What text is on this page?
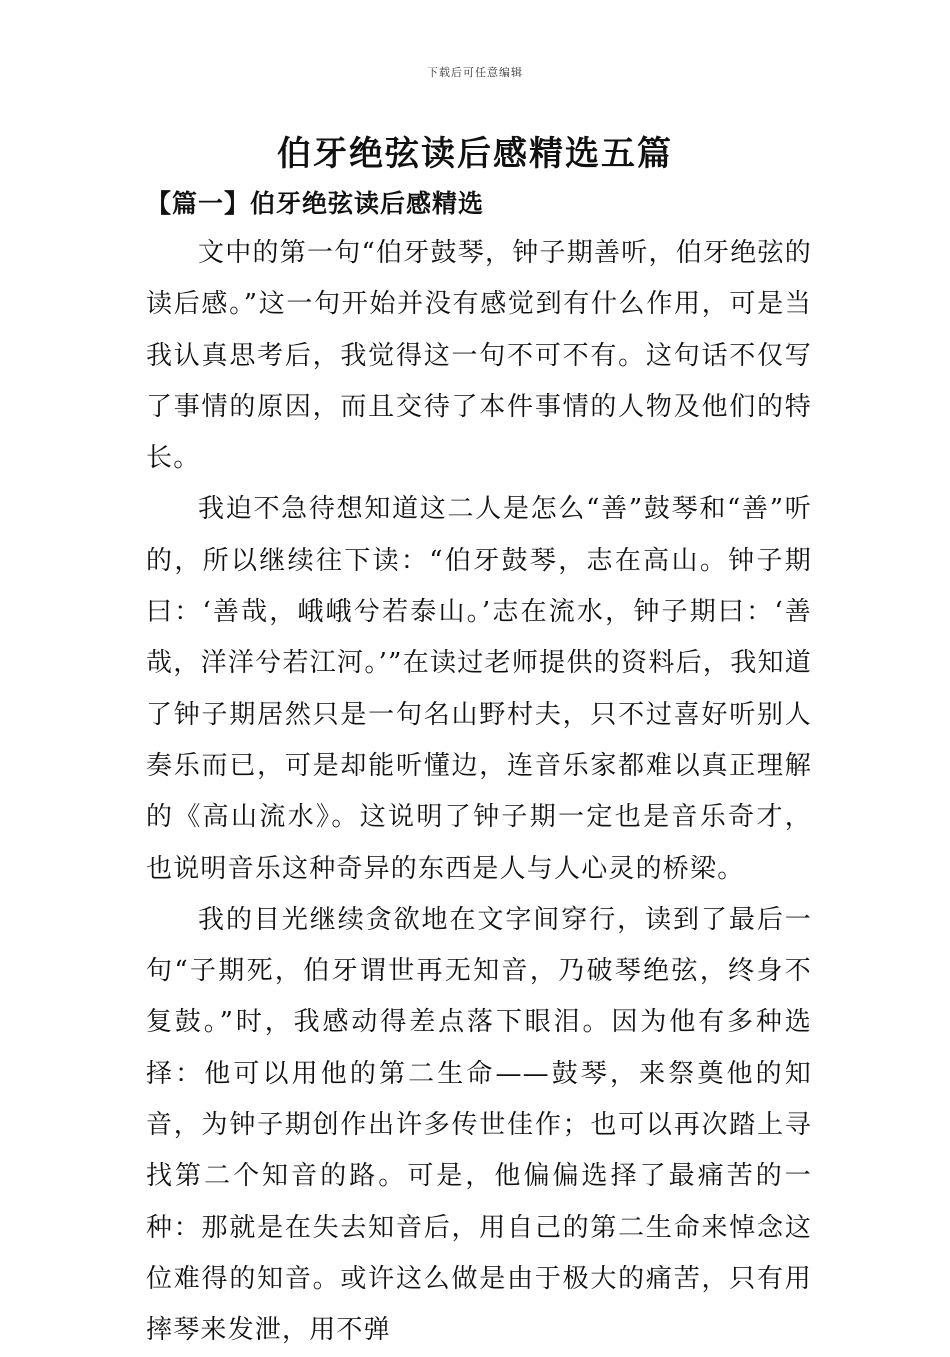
下载后可任意编辑
伯牙绝弦读后感精选五篇
【篇一】伯牙绝弦读后感精选

文中的第一句“伯牙鼓琴，钟子期善听，伯牙绝弦的读后感。”这一句开始并没有感觉到有什么作用，可是当我认真思考后，我觉得这一句不可不有。这句话不仅写了事情的原因，而且交待了本件事情的人物及他们的特长。

我迫不急待想知道这二人是怎么“善”鼓琴和“善”听的，所以继续往下读：“伯牙鼓琴，志在高山。钟子期曰：‘善哉，峨峨兮若泰山。’志在流水，钟子期曰：‘善哉，洋洋兮若江河。’”在读过老师提供的资料后，我知道了钟子期居然只是一句名山野村夫，只不过喜好听别人奏乐而已，可是却能听懂边，连音乐家都难以真正理解的《高山流水》。这说明了钟子期一定也是音乐奇才，也说明音乐这种奇异的东西是人与人心灵的桥梁。

我的目光继续贪欲地在文字间穿行，读到了最后一句“子期死，伯牙谓世再无知音，乃破琴绝弦，终身不复鼓。”时，我感动得差点落下眼泪。因为他有多种选择：他可以用他的第二生命——鼓琴，来祭奠他的知音，为钟子期创作出许多传世佳作；也可以再次踏上寻找第二个知音的路。可是，他偏偏选择了最痛苦的一种：那就是在失去知音后，用自己的第二生命来悼念这位难得的知音。或许这么做是由于极大的痛苦，只有用摔琴来发泄，用不弹
